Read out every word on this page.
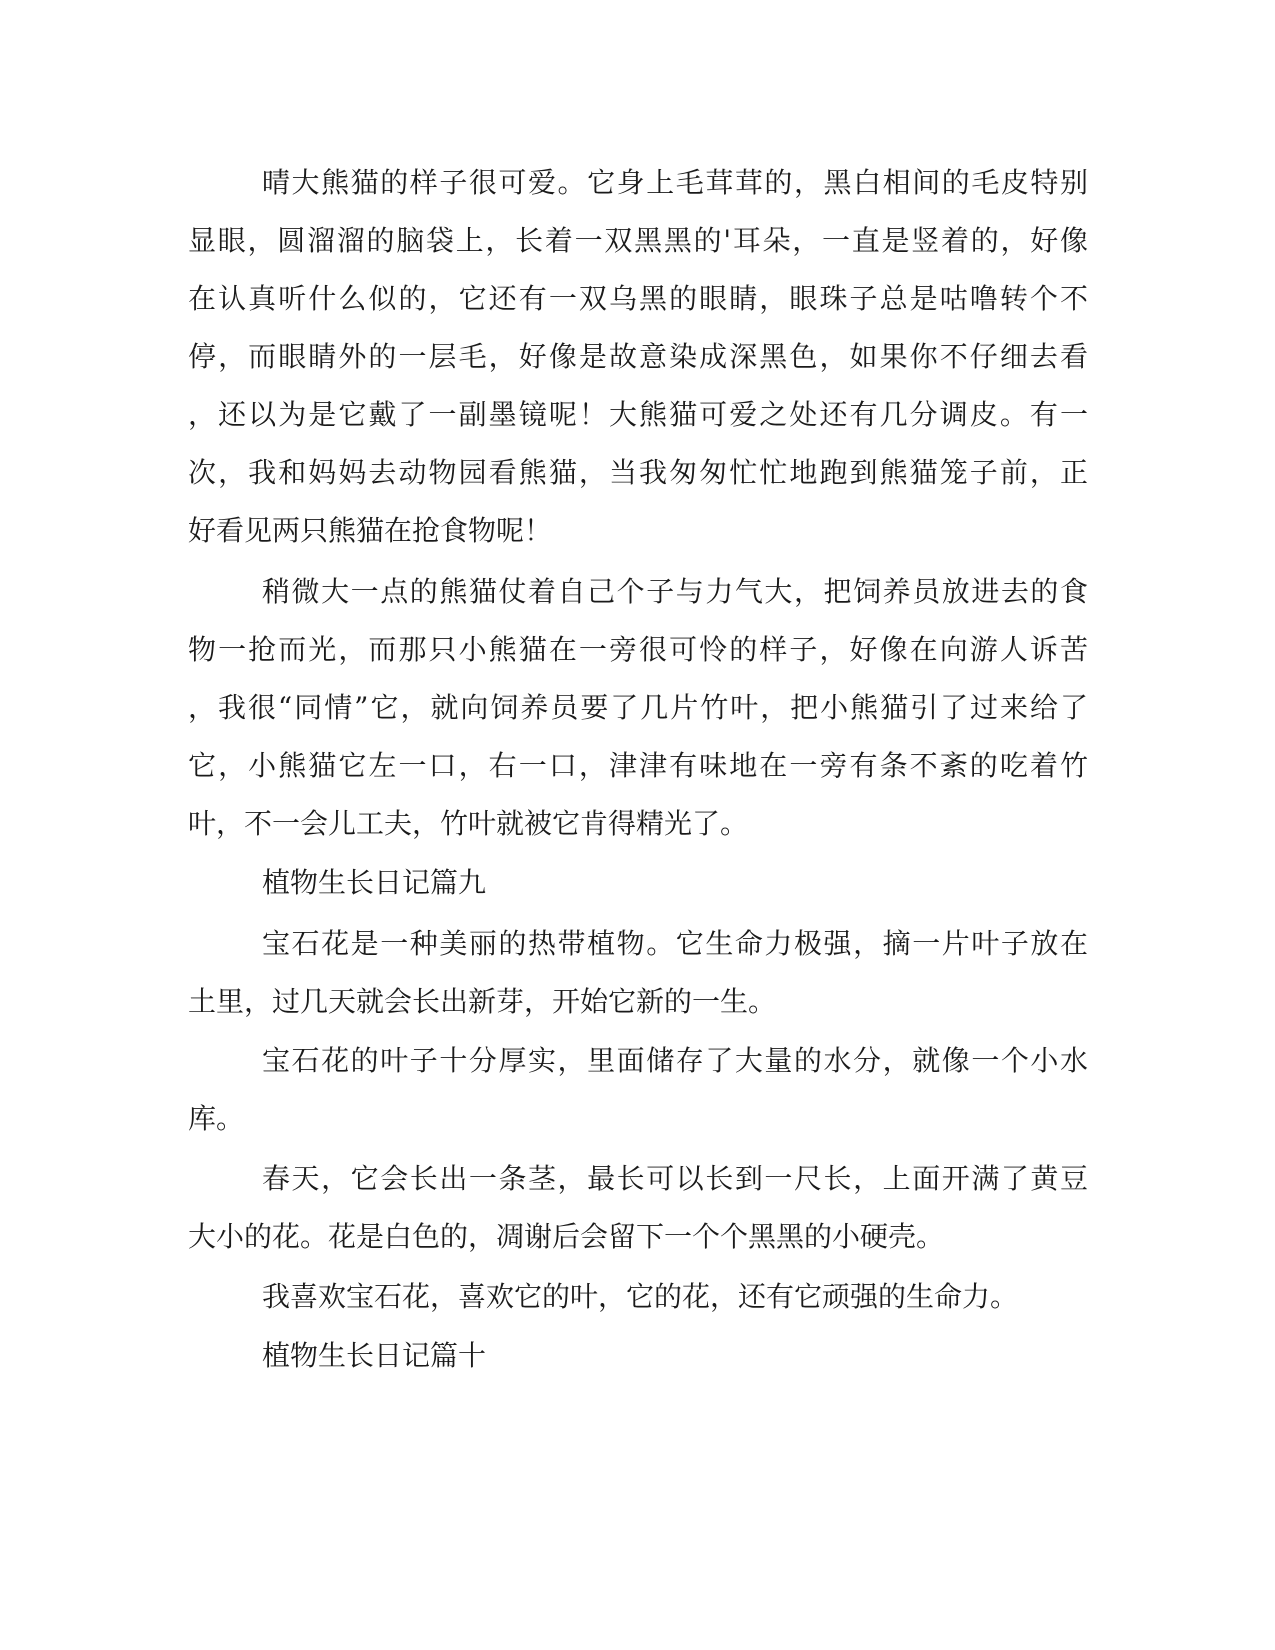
晴大熊猫的样子很可爱。它身上毛茸茸的，黑白相间的毛皮特别
显眼，圆溜溜的脑袋上，长着一双黑黑的'耳朵，一直是竖着的，好像
在认真听什么似的，它还有一双乌黑的眼睛，眼珠子总是咕噜转个不
停，而眼睛外的一层毛，好像是故意染成深黑色，如果你不仔细去看
，还以为是它戴了一副墨镜呢！大熊猫可爱之处还有几分调皮。有一
次，我和妈妈去动物园看熊猫，当我匆匆忙忙地跑到熊猫笼子前，正
好看见两只熊猫在抢食物呢！
稍微大一点的熊猫仗着自己个子与力气大，把饲养员放进去的食
物一抢而光，而那只小熊猫在一旁很可怜的样子，好像在向游人诉苦
，我很“同情”它，就向饲养员要了几片竹叶，把小熊猫引了过来给了
它，小熊猫它左一口，右一口，津津有味地在一旁有条不紊的吃着竹
叶，不一会儿工夫，竹叶就被它肯得精光了。
植物生长日记篇九
宝石花是一种美丽的热带植物。它生命力极强，摘一片叶子放在
土里，过几天就会长出新芽，开始它新的一生。
宝石花的叶子十分厚实，里面储存了大量的水分，就像一个小水
库。
春天，它会长出一条茎，最长可以长到一尺长，上面开满了黄豆
大小的花。花是白色的，凋谢后会留下一个个黑黑的小硬壳。
我喜欢宝石花，喜欢它的叶，它的花，还有它顽强的生命力。
植物生长日记篇十
